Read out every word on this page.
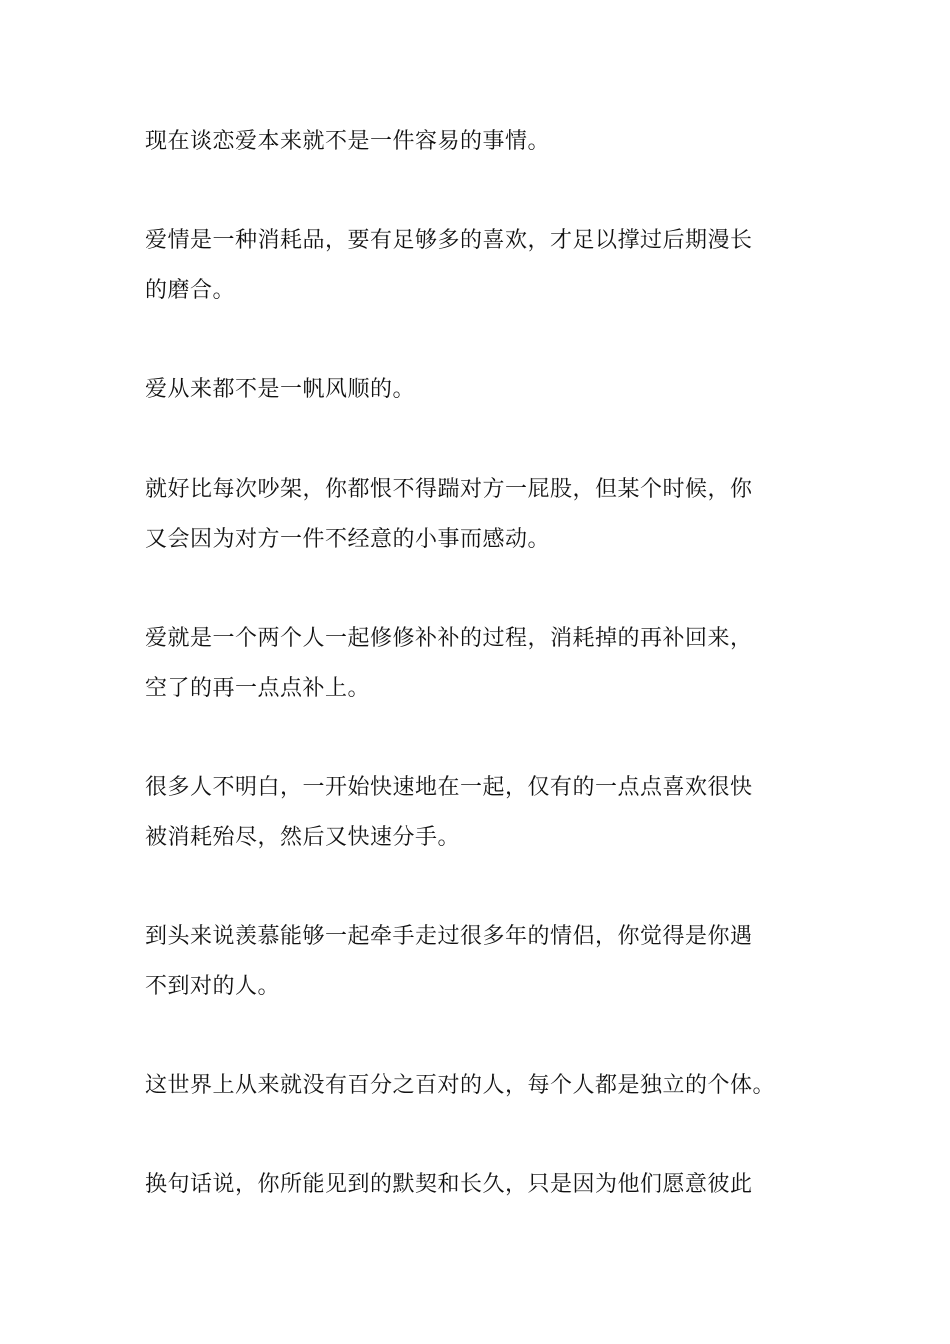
现在谈恋爱本来就不是一件容易的事情。

爱情是一种消耗品，要有足够多的喜欢，才足以撑过后期漫长
的磨合。

爱从来都不是一帆风顺的。

就好比每次吵架，你都恨不得踹对方一屁股，但某个时候，你
又会因为对方一件不经意的小事而感动。

爱就是一个两个人一起修修补补的过程，消耗掉的再补回来，
空了的再一点点补上。

很多人不明白，一开始快速地在一起，仅有的一点点喜欢很快
被消耗殆尽，然后又快速分手。

到头来说羡慕能够一起牵手走过很多年的情侣，你觉得是你遇
不到对的人。

这世界上从来就没有百分之百对的人，每个人都是独立的个体。

换句话说，你所能见到的默契和长久，只是因为他们愿意彼此
